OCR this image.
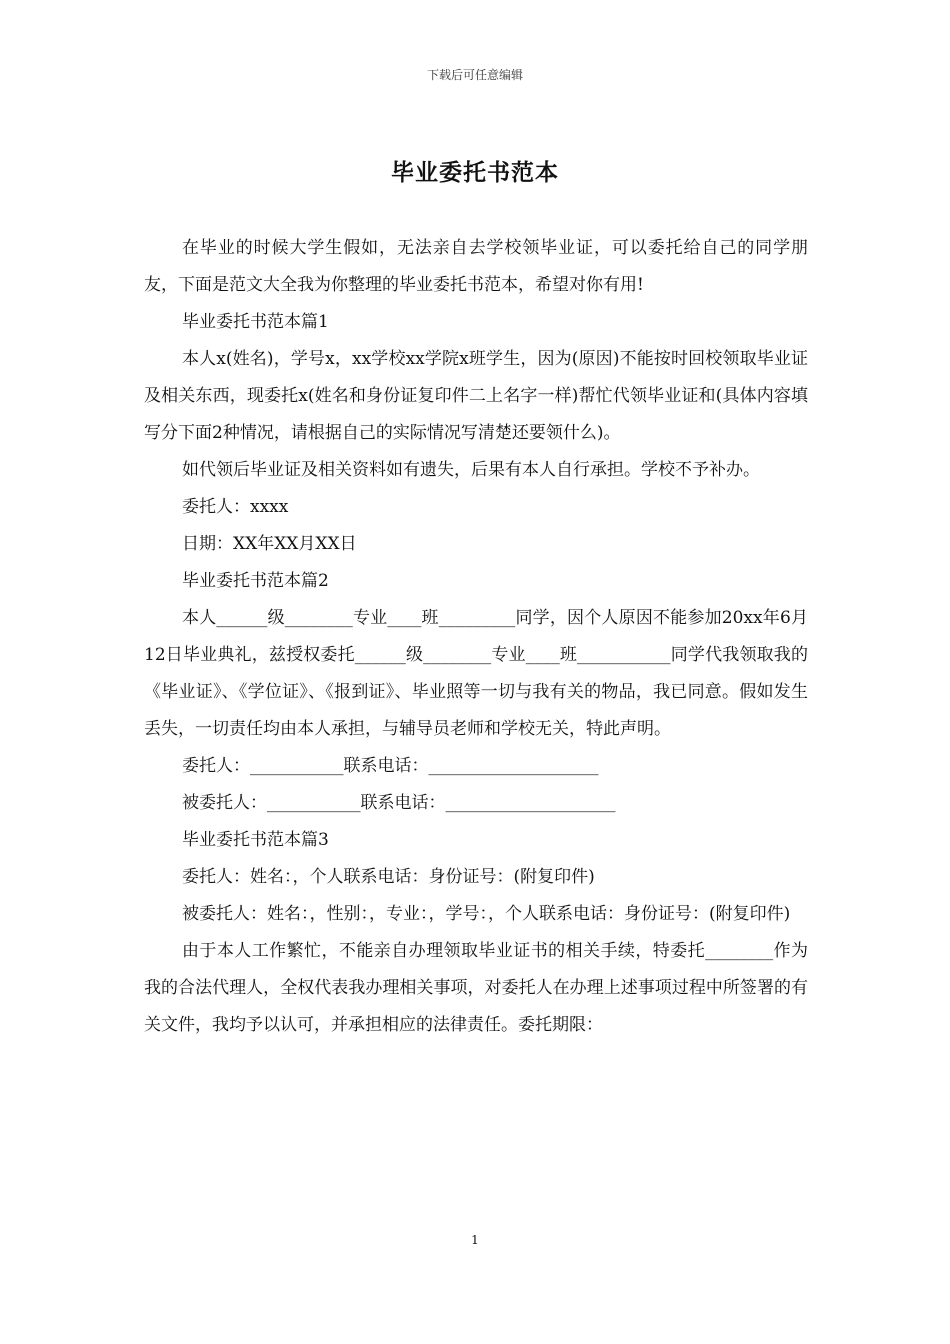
下载后可任意编辑
毕业委托书范本

在毕业的时候大学生假如，无法亲自去学校领毕业证，可以委托给自己的同学朋友，下面是范文大全我为你整理的毕业委托书范本，希望对你有用!

毕业委托书范本篇1

本人x(姓名)，学号x，xx学校xx学院x班学生，因为(原因)不能按时回校领取毕业证及相关东西，现委托x(姓名和身份证复印件二上名字一样)帮忙代领毕业证和(具体内容填写分下面2种情况，请根据自己的实际情况写清楚还要领什么)。

如代领后毕业证及相关资料如有遗失，后果有本人自行承担。学校不予补办。

委托人：xxxx

日期：XX年XX月XX日

毕业委托书范本篇2

本人______级________专业____班_________同学，因个人原因不能参加20xx年6月12日毕业典礼，兹授权委托______级________专业____班___________同学代我领取我的《毕业证》、《学位证》、《报到证》、毕业照等一切与我有关的物品，我已同意。假如发生丢失，一切责任均由本人承担，与辅导员老师和学校无关，特此声明。

委托人：___________联系电话：____________________

被委托人：___________联系电话：____________________

毕业委托书范本篇3

委托人：姓名：，个人联系电话：身份证号：(附复印件)

被委托人：姓名：，性别：，专业：，学号：，个人联系电话：身份证号：(附复印件)

由于本人工作繁忙，不能亲自办理领取毕业证书的相关手续，特委托________作为我的合法代理人，全权代表我办理相关事项，对委托人在办理上述事项过程中所签署的有关文件，我均予以认可，并承担相应的法律责任。委托期限：

1
